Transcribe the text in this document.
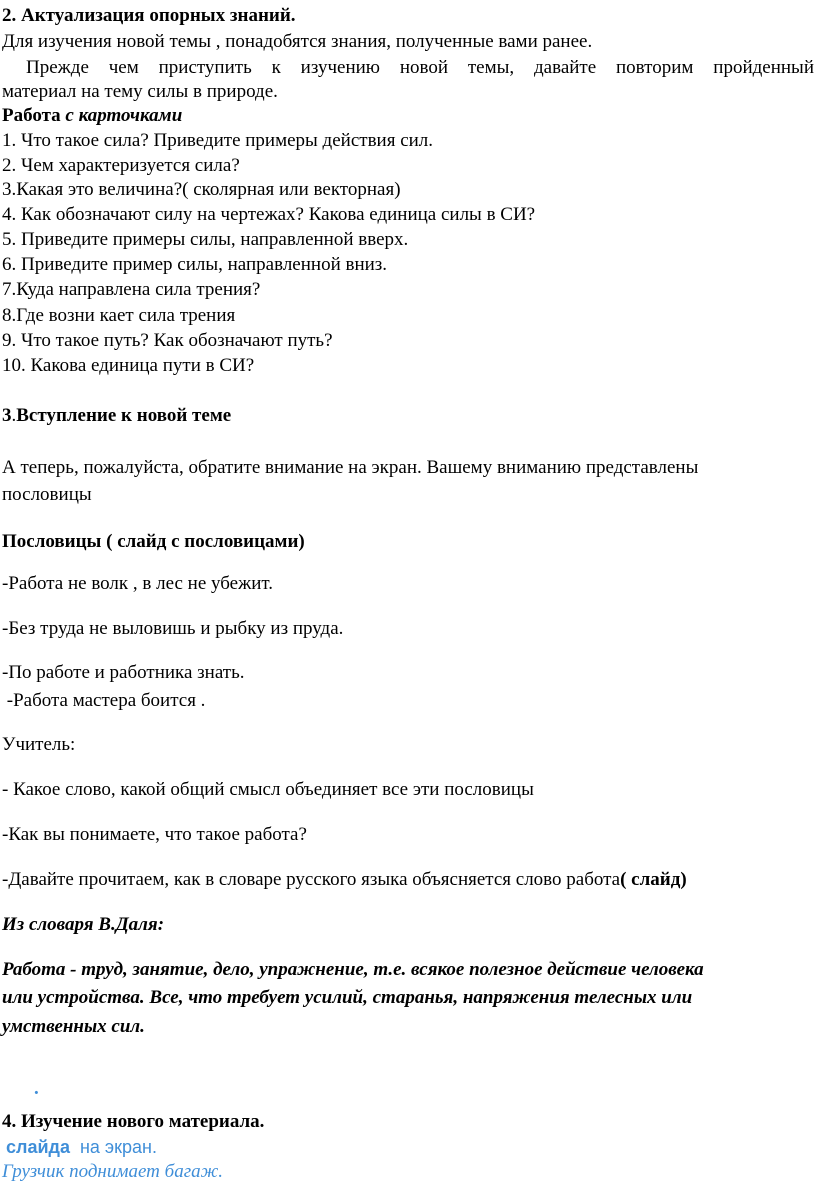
2. Актуализация опорных знаний.
Для изучения новой темы , понадобятся знания, полученные вами ранее.
Прежде чем приступить к изучению новой темы, давайте повторим пройденный
материал на тему силы в природе.
Работа с карточками
1. Что такое сила? Приведите примеры действия сил.
2. Чем характеризуется сила?
3.Какая это величина?( сколярная или векторная)
4. Как обозначают силу на чертежах? Какова единица силы в СИ?
5. Приведите примеры силы, направленной вверх.
6. Приведите пример силы, направленной вниз.
7.Куда направлена сила трения?
8.Где возни кает сила трения
9. Что такое путь? Как обозначают путь?
10. Какова единица пути в СИ?
3.Вступление к новой теме
А теперь, пожалуйста, обратите внимание на экран. Вашему вниманию представлены
пословицы
Пословицы ( слайд с пословицами)
-Работа не волк , в лес не убежит.
-Без труда не выловишь и рыбку из пруда.
-По работе и работника знать.
-Работа мастера боится .
Учитель:
- Какое слово, какой общий смысл объединяет все эти пословицы
-Как вы понимаете, что такое работа?
-Давайте прочитаем, как в словаре русского языка объясняется слово работа( слайд)
Из словаря В.Даля:
Работа - труд, занятие, дело, упражнение, т.е. всякое полезное действие человека
или устройства. Все, что требует усилий, старанья, напряжения телесных или
умственных сил.
.
4. Изучение нового материала.
слайда  на экран.
Грузчик поднимает багаж.
